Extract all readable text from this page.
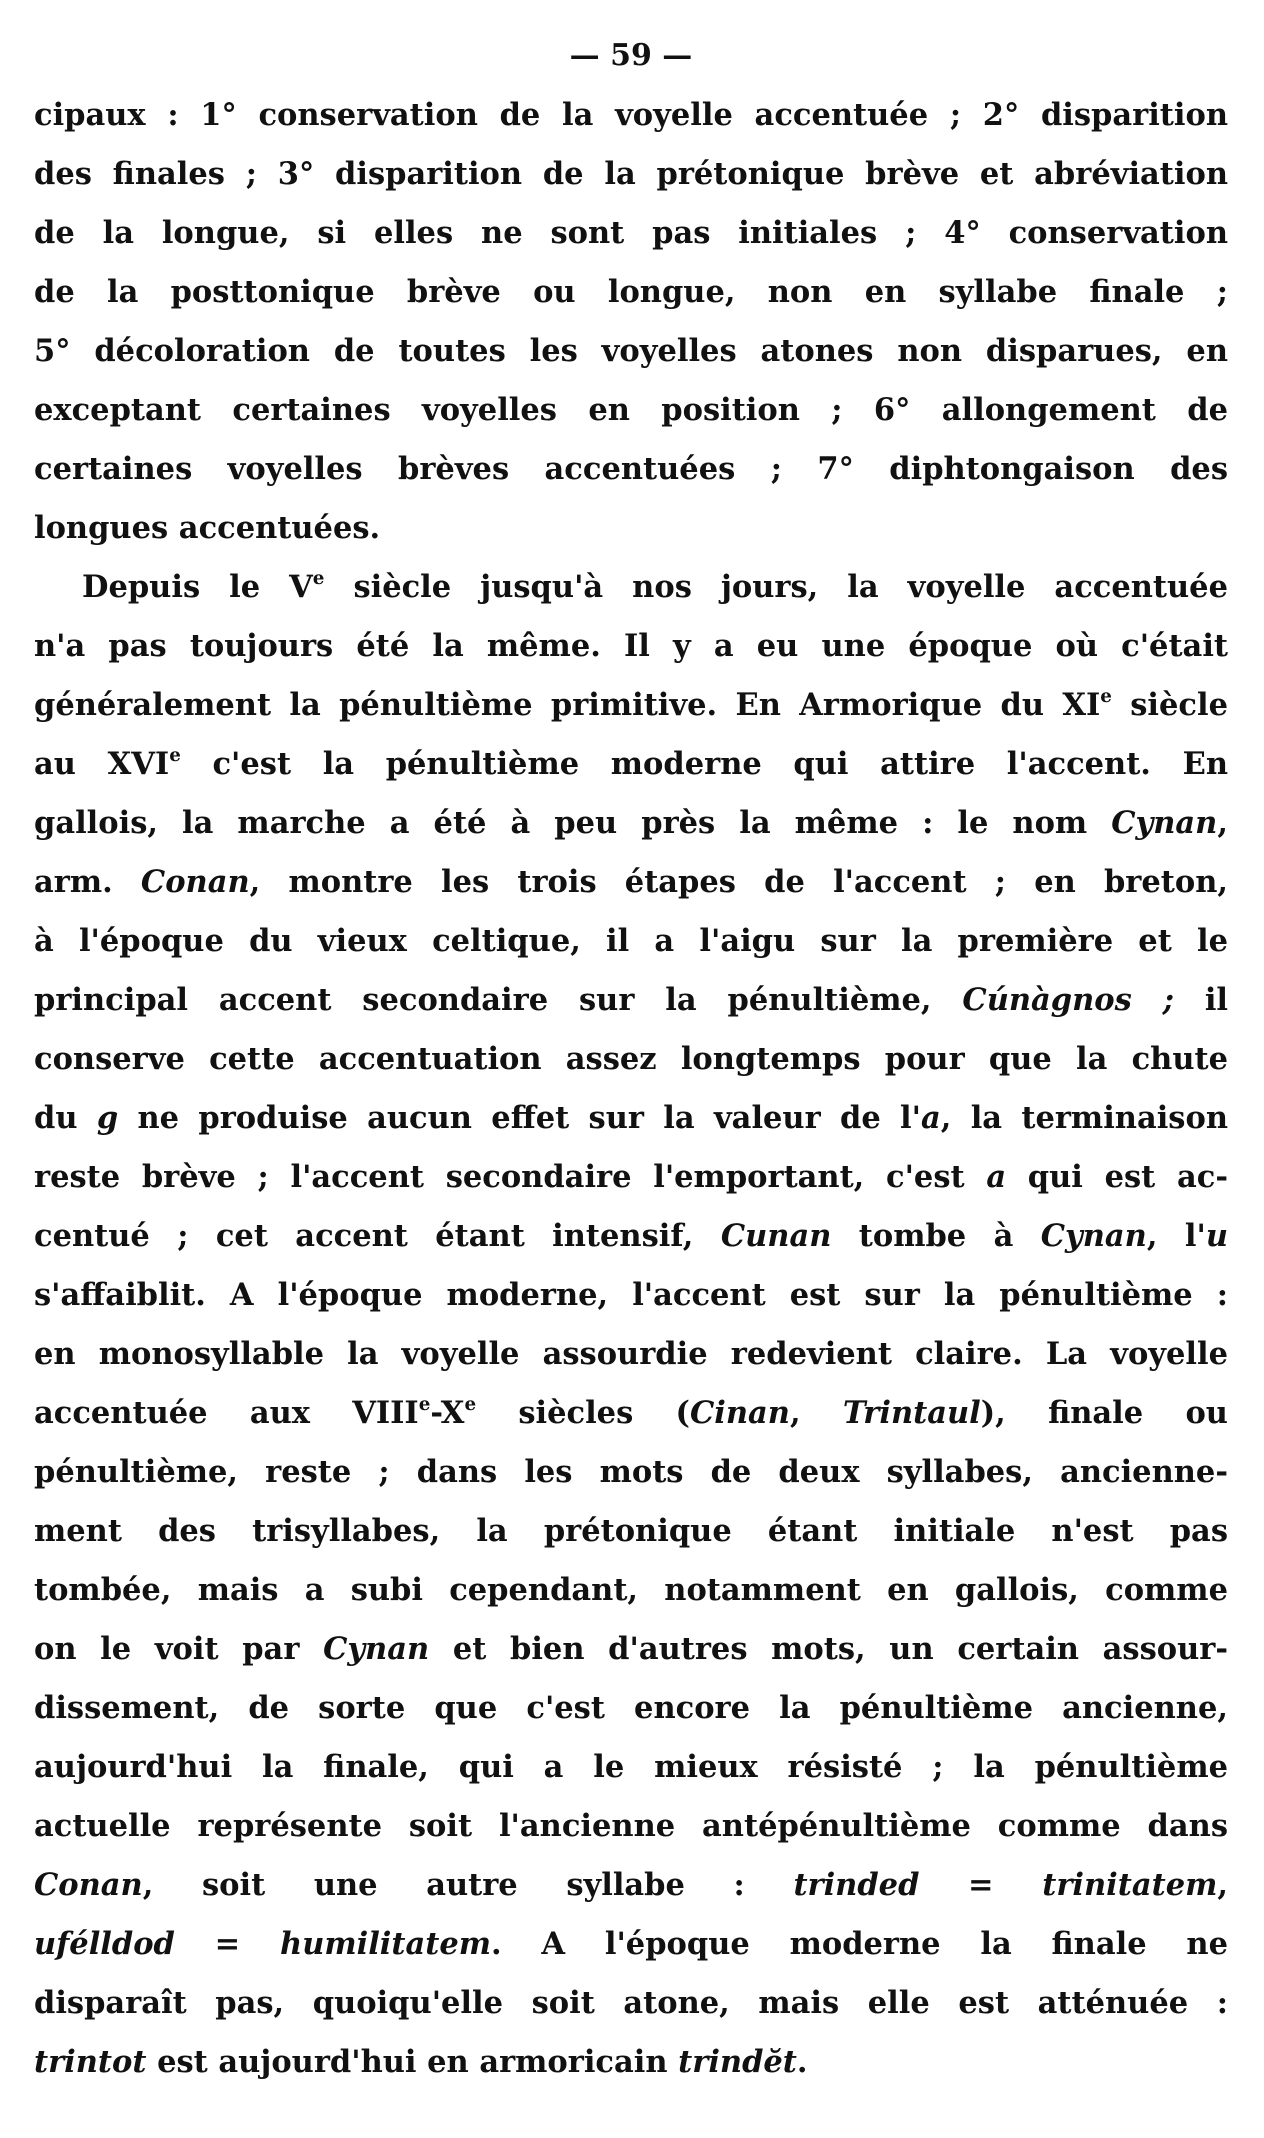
— 59 —

cipaux : 1° conservation de la voyelle accentuée ; 2° disparition
des finales ; 3° disparition de la prétonique brève et abréviation
de la longue, si elles ne sont pas initiales ; 4° conservation
de la posttonique brève ou longue, non en syllabe finale ;
5° décoloration de toutes les voyelles atones non disparues, en
exceptant certaines voyelles en position ; 6° allongement de
certaines voyelles brèves accentuées ; 7° diphtongaison des
longues accentuées.

Depuis le Ve siècle jusqu'à nos jours, la voyelle accentuée
n'a pas toujours été la même. Il y a eu une époque où c'était
généralement la pénultième primitive. En Armorique du XIe siècle
au XVIe c'est la pénultième moderne qui attire l'accent. En
gallois, la marche a été à peu près la même : le nom Cynan,
arm. Conan, montre les trois étapes de l'accent ; en breton,
à l'époque du vieux celtique, il a l'aigu sur la première et le
principal accent secondaire sur la pénultième, Cúnàgnos ; il
conserve cette accentuation assez longtemps pour que la chute
du g ne produise aucun effet sur la valeur de l'a, la terminaison
reste brève ; l'accent secondaire l'emportant, c'est a qui est ac-
centué ; cet accent étant intensif, Cunan tombe à Cynan, l'u
s'affaiblit. A l'époque moderne, l'accent est sur la pénultième :
en monosyllable la voyelle assourdie redevient claire. La voyelle
accentuée aux VIIIe-Xe siècles (Cinan, Trintaul), finale ou
pénultième, reste ; dans les mots de deux syllabes, ancienne-
ment des trisyllabes, la prétonique étant initiale n'est pas
tombée, mais a subi cependant, notamment en gallois, comme
on le voit par Cynan et bien d'autres mots, un certain assour-
dissement, de sorte que c'est encore la pénultième ancienne,
aujourd'hui la finale, qui a le mieux résisté ; la pénultième
actuelle représente soit l'ancienne antépénultième comme dans
Conan, soit une autre syllabe : trinded = trinitatem,
ufélldod = humilitatem. A l'époque moderne la finale ne
disparaît pas, quoiqu'elle soit atone, mais elle est atténuée :
trintot est aujourd'hui en armoricain trindĕt.
